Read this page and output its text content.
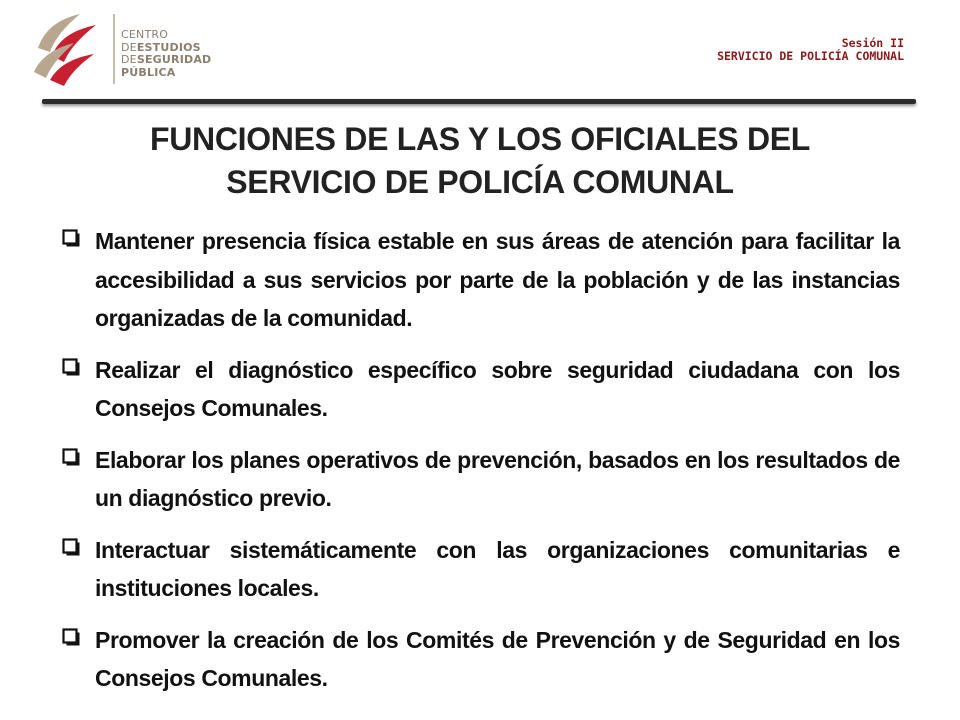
CENTRO
DEESTUDIOS
DESEGURIDAD
PÚBLICA
Sesión II
SERVICIO DE POLICÍA COMUNAL
FUNCIONES DE LAS Y LOS OFICIALES DEL
SERVICIO DE POLICÍA COMUNAL
Mantener presencia física estable en sus áreas de atención para facilitar la accesibilidad a sus servicios por parte de la población y de las instancias organizadas de la comunidad.
Realizar el diagnóstico específico sobre seguridad ciudadana con los Consejos Comunales.
Elaborar los planes operativos de prevención, basados en los resultados de un diagnóstico previo.
Interactuar sistemáticamente con las organizaciones comunitarias e instituciones locales.
Promover la creación de los Comités de Prevención y de Seguridad en los Consejos Comunales.
